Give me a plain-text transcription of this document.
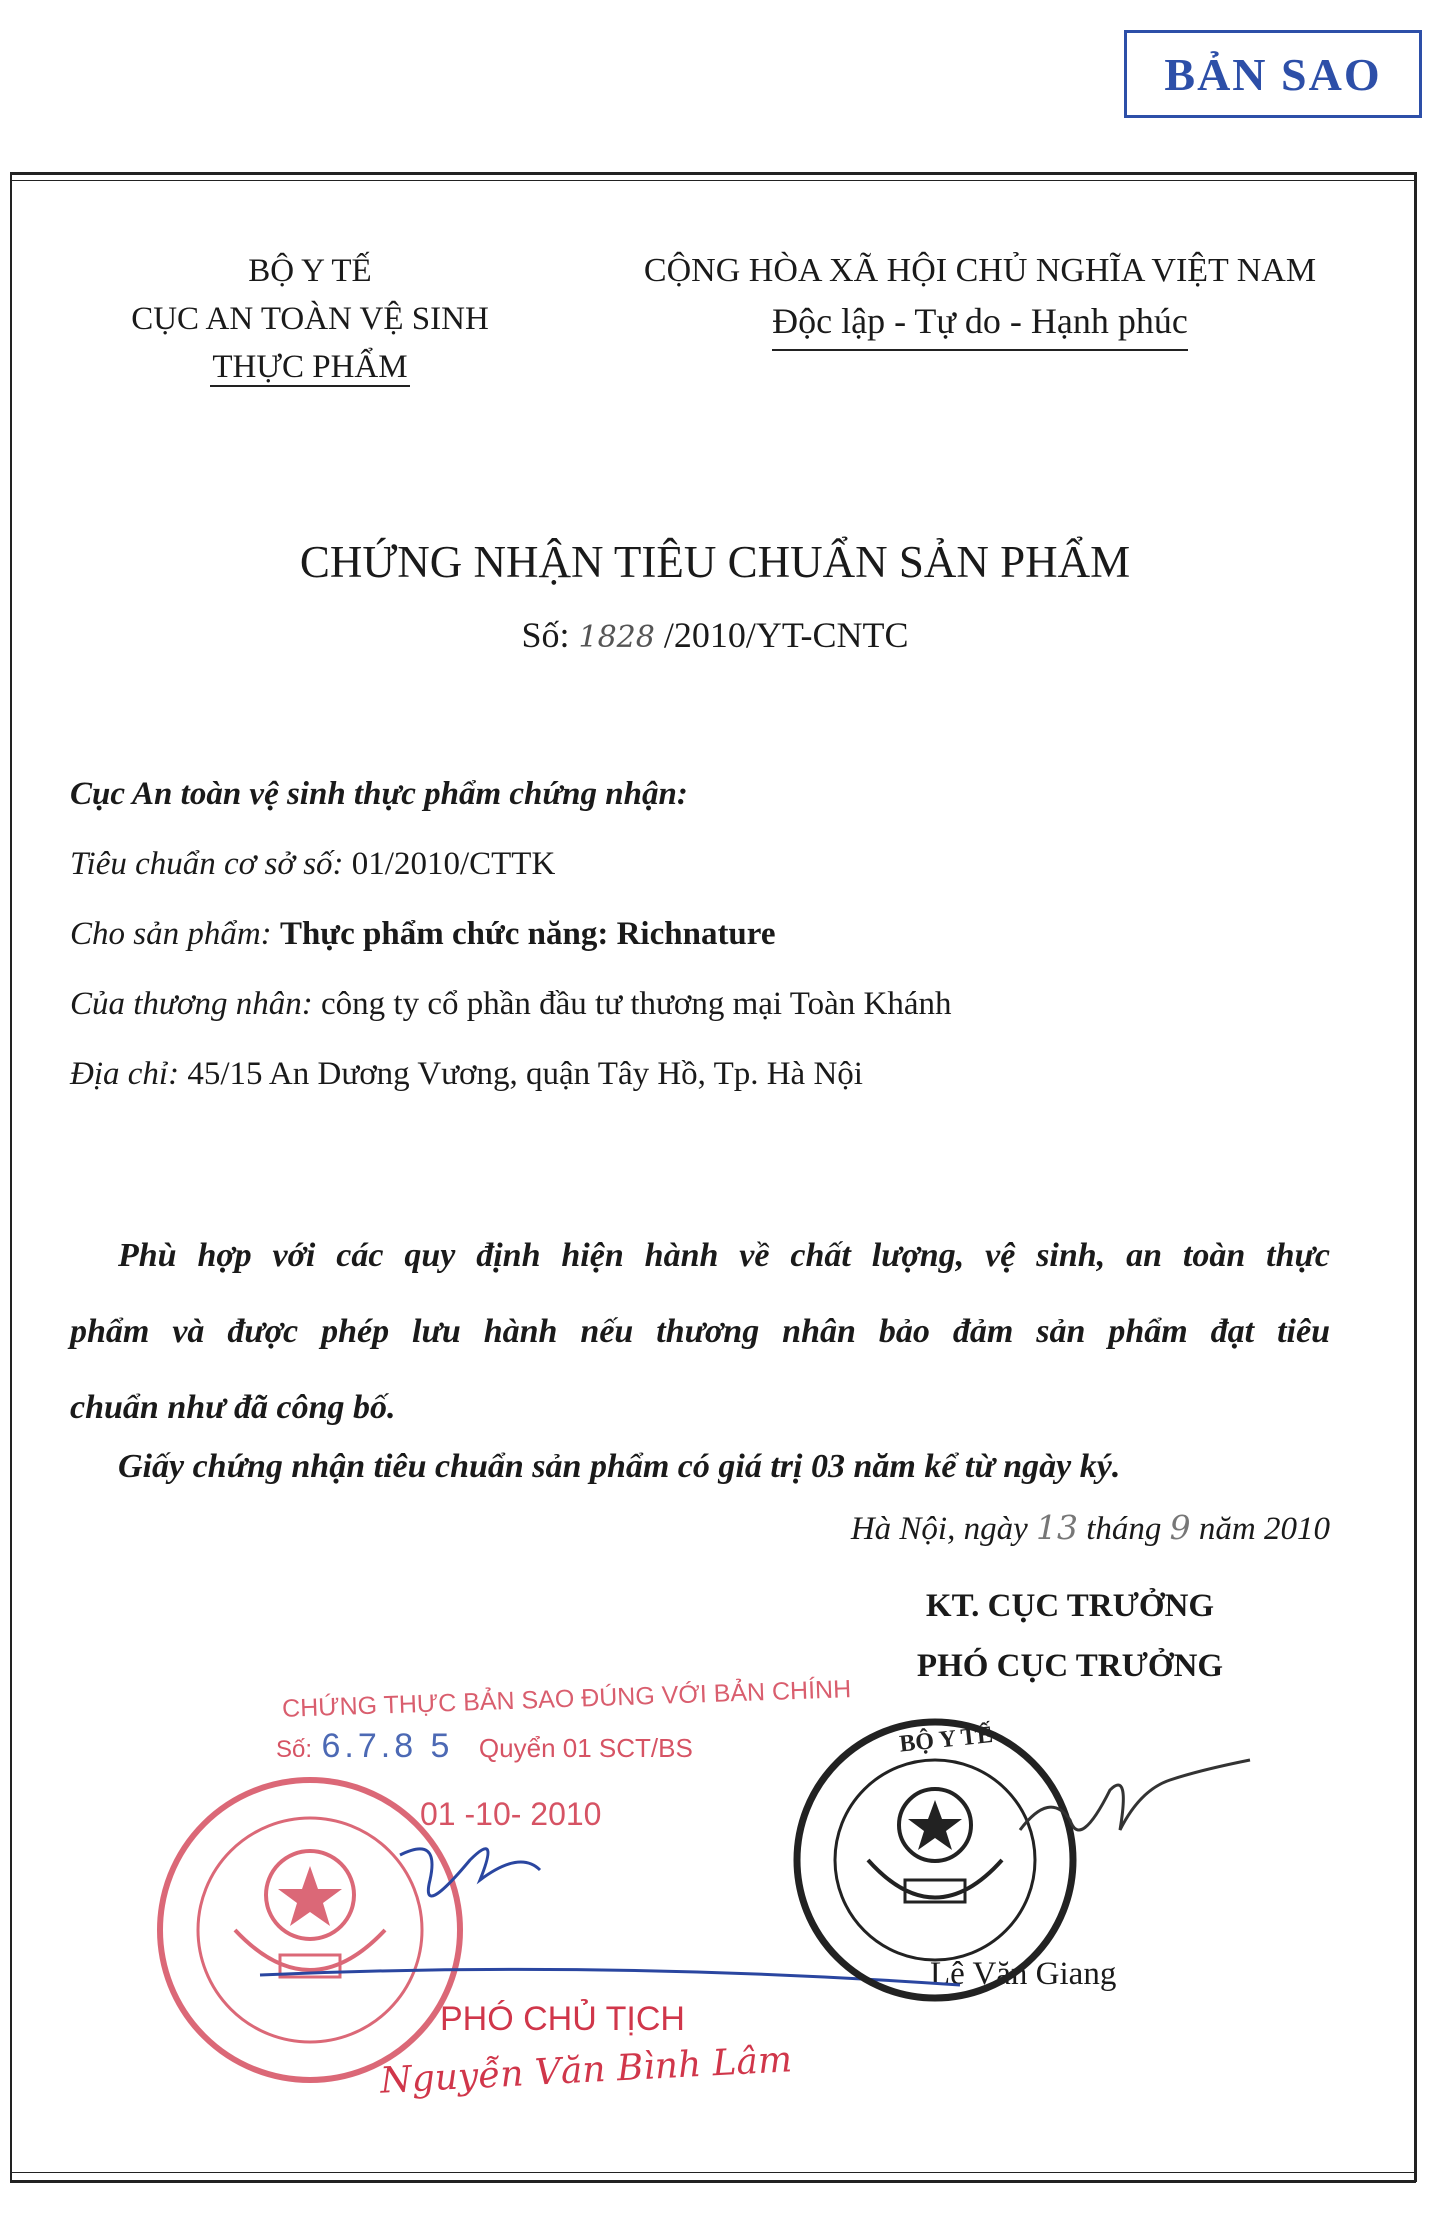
BẢN SAO
BỘ Y TẾ
CỤC AN TOÀN VỆ SINH
THỰC PHẨM
CỘNG HÒA XÃ HỘI CHỦ NGHĨA VIỆT NAM
Độc lập - Tự do - Hạnh phúc
CHỨNG NHẬN TIÊU CHUẨN SẢN PHẨM
Số: 1828 /2010/YT-CNTC
Cục An toàn vệ sinh thực phẩm chứng nhận:
Tiêu chuẩn cơ sở số: 01/2010/CTTK
Cho sản phẩm: Thực phẩm chức năng: Richnature
Của thương nhân: công ty cổ phần đầu tư thương mại Toàn Khánh
Địa chỉ: 45/15 An Dương Vương, quận Tây Hồ, Tp. Hà Nội
Phù hợp với các quy định hiện hành về chất lượng, vệ sinh, an toàn thực
phẩm và được phép lưu hành nếu thương nhân bảo đảm sản phẩm đạt tiêu
chuẩn như đã công bố.
Giấy chứng nhận tiêu chuẩn sản phẩm có giá trị 03 năm kể từ ngày ký.
Hà Nội, ngày 13 tháng 9 năm 2010
KT. CỤC TRƯỞNG
PHÓ CỤC TRƯỞNG
Lê Văn Giang
CHỨNG THỰC BẢN SAO ĐÚNG VỚI BẢN CHÍNH
Số: 6.7.8 5 Quyển 01 SCT/BS
01 -10- 2010
PHÓ CHỦ TỊCH
Nguyễn Văn Bình Lâm
BỘ Y TẾ
